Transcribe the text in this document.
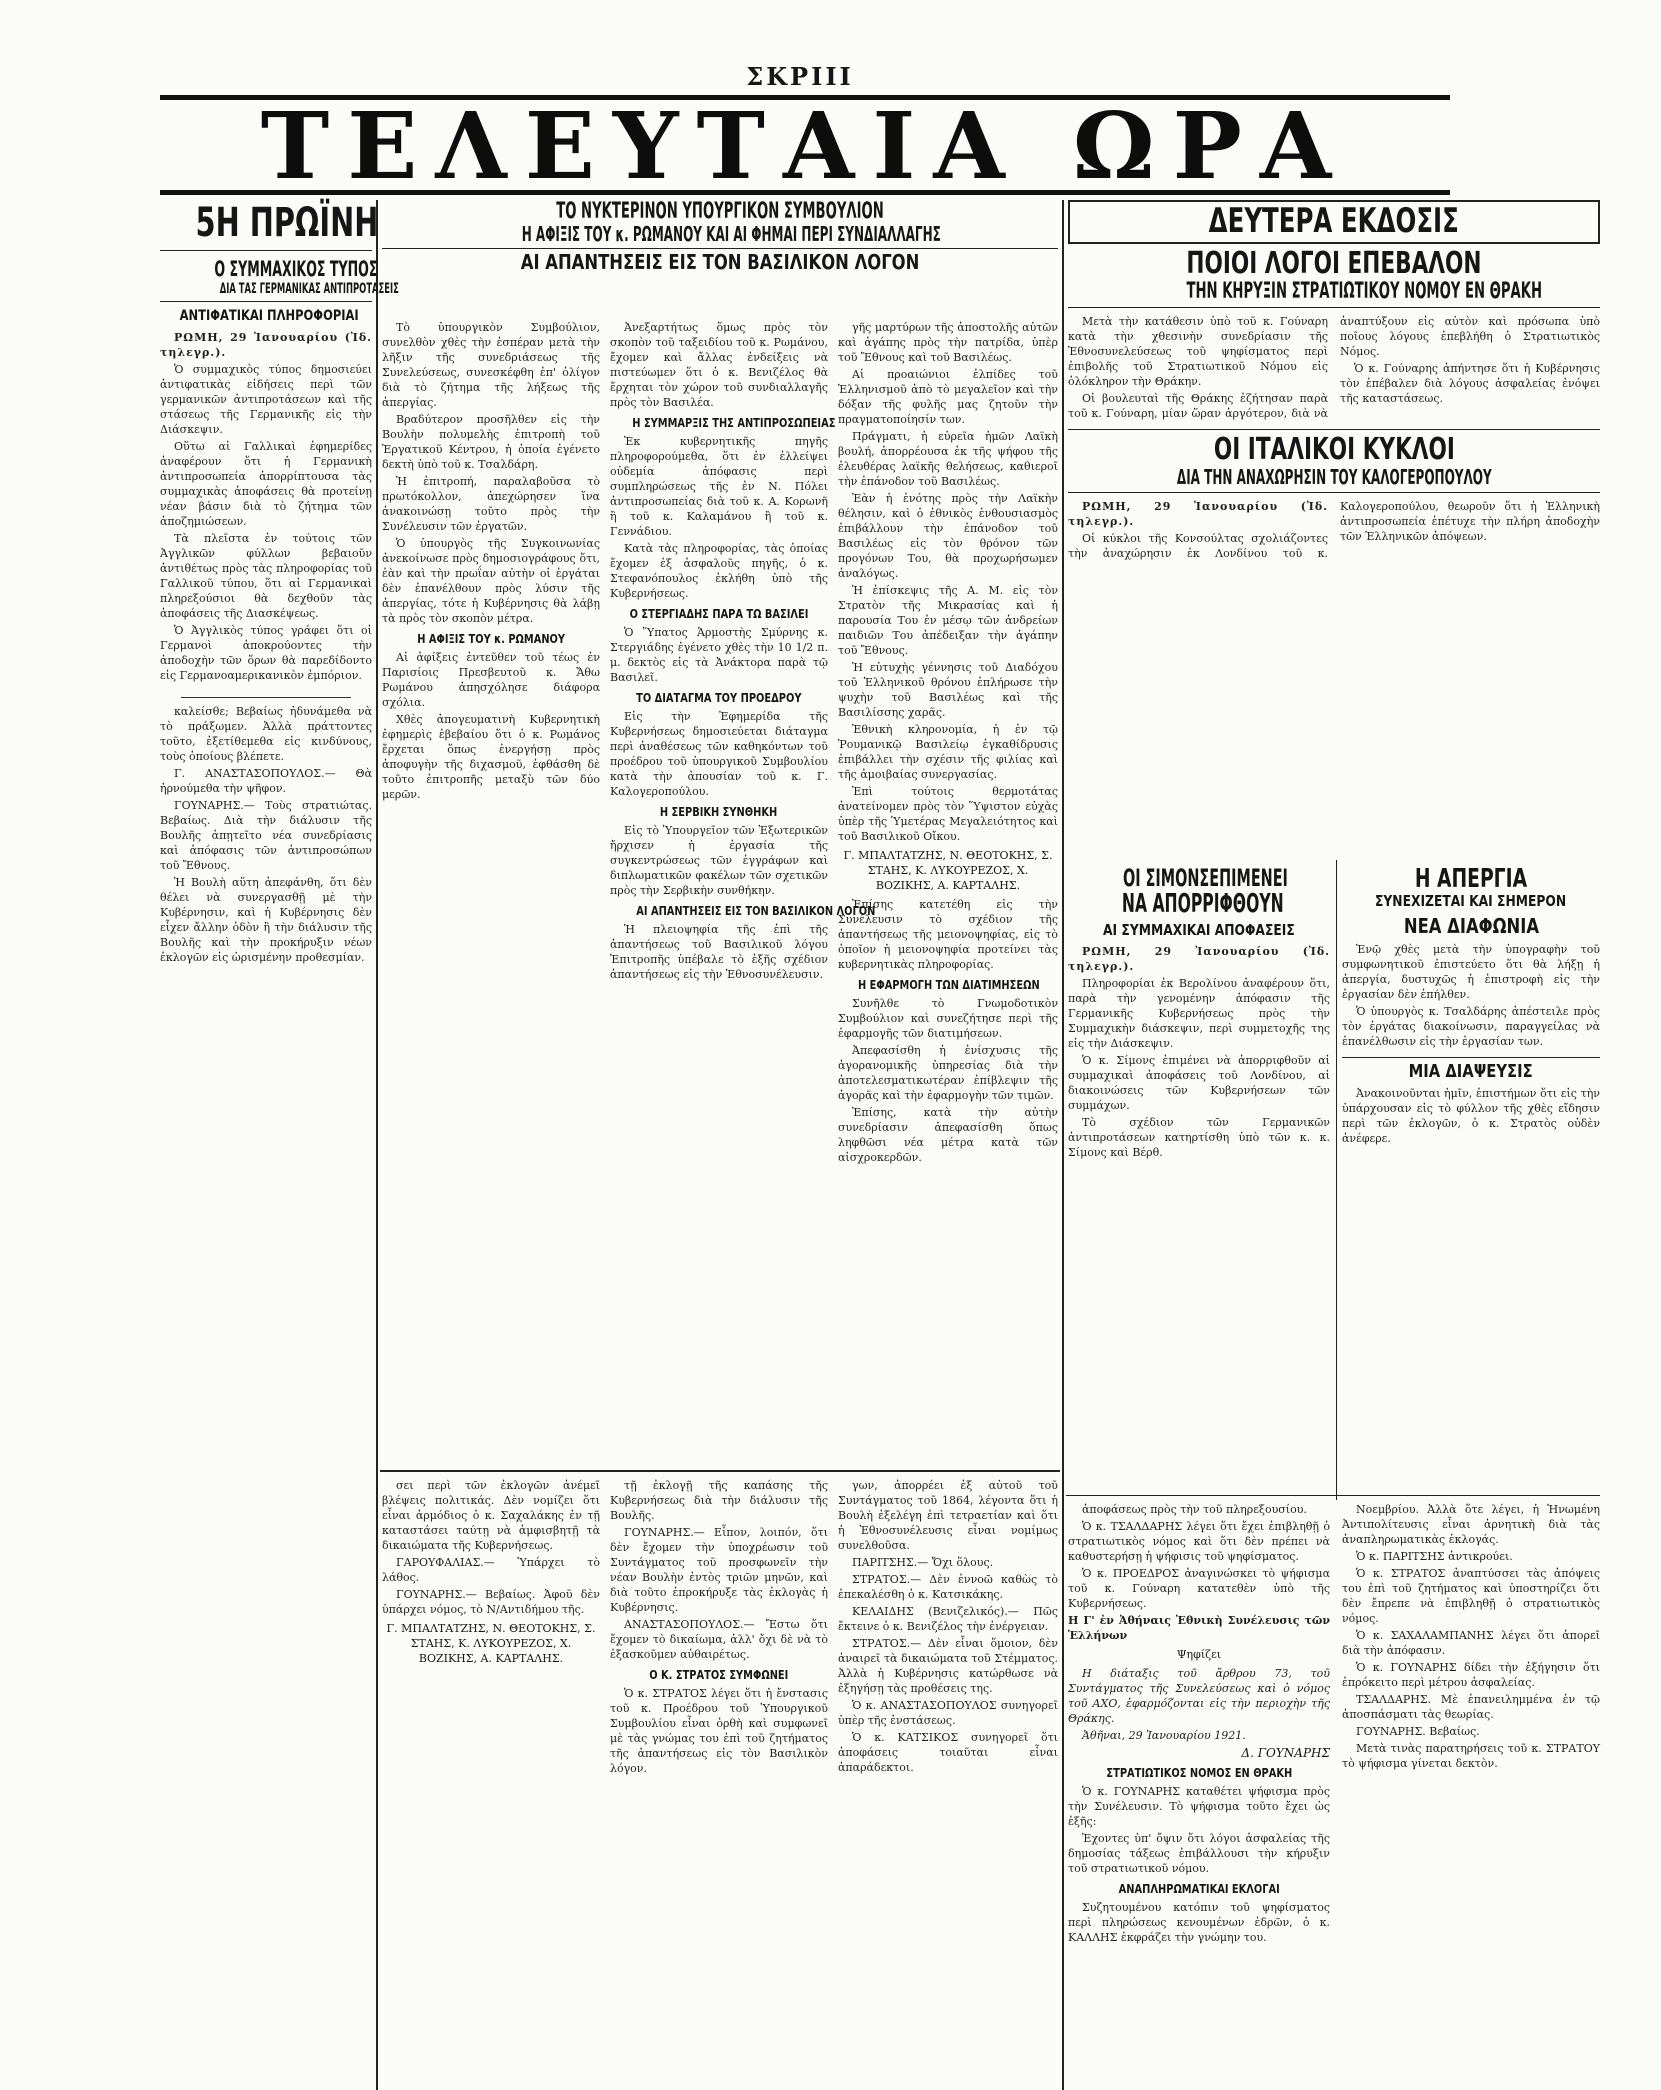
ΣΚΡΙΙΙ
ΤΕΛΕΥΤΑΙΑ ΩΡΑ
5Η ΠΡΩΪΝΗ
Ο ΣΥΜΜΑΧΙΚΟΣ ΤΥΠΟΣ
ΔΙΑ ΤΑΣ ΓΕΡΜΑΝΙΚΑΣ ΑΝΤΙΠΡΟΤΑΣΕΙΣ
ΑΝΤΙΦΑΤΙΚΑΙ ΠΛΗΡΟΦΟΡΙΑΙ
ΡΩΜΗ, 29 Ἰανουαρίου (Ἰδ. τηλεγρ.).
Ὁ συμμαχικὸς τύπος δημοσιεύει ἀντιφατικὰς εἰδήσεις περὶ τῶν γερμανικῶν ἀντιπροτάσεων καὶ τῆς στάσεως τῆς Γερμανικῆς εἰς τὴν Διάσκεψιν.
Οὕτω αἱ Γαλλικαὶ ἐφημερίδες ἀναφέρουν ὅτι ἡ Γερμανικὴ ἀντιπροσωπεία ἀπορρίπτουσα τὰς συμμαχικὰς ἀποφάσεις θὰ προτείνῃ νέαν βάσιν διὰ τὸ ζήτημα τῶν ἀποζημιώσεων.
Τὰ πλεῖστα ἐν τούτοις τῶν Ἀγγλικῶν φύλλων βεβαιοῦν ἀντιθέτως πρὸς τὰς πληροφορίας τοῦ Γαλλικοῦ τύπου, ὅτι αἱ Γερμανικαὶ πληρεξούσιοι θὰ δεχθοῦν τὰς ἀποφάσεις τῆς Διασκέψεως.
Ὁ Ἀγγλικὸς τύπος γράφει ὅτι οἱ Γερμανοὶ ἀποκρούοντες τὴν ἀποδοχὴν τῶν ὅρων θὰ παρεδίδοντο εἰς Γερμανοαμερικανικὸν ἐμπόριον.
καλείσθε; Βεβαίως ἠδυνάμεθα νὰ τὸ πράξωμεν. Ἀλλὰ πράττοντες τοῦτο, ἐξετίθεμεθα εἰς κινδύνους, τοὺς ὁποίους βλέπετε.
Γ. ΑΝΑΣΤΑΣΟΠΟΥΛΟΣ.— Θὰ ἠρνούμεθα τὴν ψῆφον.
ΓΟΥΝΑΡΗΣ.— Τοὺς στρατιώτας. Βεβαίως. Διὰ τὴν διάλυσιν τῆς Βουλῆς ἀπῃτεῖτο νέα συνεδρίασις καὶ ἀπόφασις τῶν ἀντιπροσώπων τοῦ Ἔθνους.
Ἡ Βουλὴ αὕτη ἀπεφάνθη, ὅτι δὲν θέλει νὰ συνεργασθῇ μὲ τὴν Κυβέρνησιν, καὶ ἡ Κυβέρνησις δὲν εἶχεν ἄλλην ὁδὸν ἢ τὴν διάλυσιν τῆς Βουλῆς καὶ τὴν προκήρυξιν νέων ἐκλογῶν εἰς ὡρισμένην προθεσμίαν.
ΤΟ ΝΥΚΤΕΡΙΝΟΝ ΥΠΟΥΡΓΙΚΟΝ ΣΥΜΒΟΥΛΙΟΝ
Η ΑΦΙΞΙΣ ΤΟΥ κ. ΡΩΜΑΝΟΥ ΚΑΙ ΑΙ ΦΗΜΑΙ ΠΕΡΙ ΣΥΝΔΙΑΛΛΑΓΗΣ
ΑΙ ΑΠΑΝΤΗΣΕΙΣ ΕΙΣ ΤΟΝ ΒΑΣΙΛΙΚΟΝ ΛΟΓΟΝ
Τὸ ὑπουργικὸν Συμβούλιον, συνελθὸν χθὲς τὴν ἑσπέραν μετὰ τὴν λῆξιν τῆς συνεδριάσεως τῆς Συνελεύσεως, συνεσκέφθη ἐπ' ὀλίγον διὰ τὸ ζήτημα τῆς λήξεως τῆς ἀπεργίας.
Βραδύτερον προσῆλθεν εἰς τὴν Βουλὴν πολυμελὴς ἐπιτροπὴ τοῦ Ἐργατικοῦ Κέντρου, ἡ ὁποία ἐγένετο δεκτὴ ὑπὸ τοῦ κ. Τσαλδάρη.
Ἡ ἐπιτροπή, παραλαβοῦσα τὸ πρωτόκολλον, ἀπεχώρησεν ἵνα ἀνακοινώσῃ τοῦτο πρὸς τὴν Συνέλευσιν τῶν ἐργατῶν.
Ὁ ὑπουργὸς τῆς Συγκοινωνίας ἀνεκοίνωσε πρὸς δημοσιογράφους ὅτι, ἐὰν καὶ τὴν πρωΐαν αὐτὴν οἱ ἐργάται δὲν ἐπανέλθουν πρὸς λύσιν τῆς ἀπεργίας, τότε ἡ Κυβέρνησις θὰ λάβῃ τὰ πρὸς τὸν σκοπὸν μέτρα.
Η ΑΦΙΞΙΣ ΤΟΥ κ. ΡΩΜΑΝΟΥ
Αἱ ἀφίξεις ἐντεῦθεν τοῦ τέως ἐν Παρισίοις Πρεσβευτοῦ κ. Ἄθω Ρωμάνου ἀπησχόλησε διάφορα σχόλια.
Χθὲς ἀπογευματινὴ Κυβερνητικὴ ἐφημερὶς ἐβεβαίου ὅτι ὁ κ. Ρωμάνος ἔρχεται ὅπως ἐνεργήσῃ πρὸς ἀποφυγὴν τῆς διχασμοῦ, ἐφθάσθη δὲ τοῦτο ἐπιτροπῆς μεταξὺ τῶν δύο μερῶν.
Ἀνεξαρτήτως ὅμως πρὸς τὸν σκοπὸν τοῦ ταξειδίου τοῦ κ. Ρωμάνου, ἔχομεν καὶ ἄλλας ἐνδείξεις νὰ πιστεύωμεν ὅτι ὁ κ. Βενιζέλος θὰ ἔρχηται τὸν χώρον τοῦ συνδιαλλαγῆς πρὸς τὸν Βασιλέα.
Η ΣΥΜΜΑΡΞΙΣ ΤΗΣ ΑΝΤΙΠΡΟΣΩΠΕΙΑΣ
Ἐκ κυβερνητικῆς πηγῆς πληροφορούμεθα, ὅτι ἐν ἐλλείψει οὐδεμία ἀπόφασις περὶ συμπληρώσεως τῆς ἐν Ν. Πόλει ἀντιπροσωπείας διὰ τοῦ κ. Α. Κορωνῆ ἢ τοῦ κ. Καλαμάνου ἢ τοῦ κ. Γεννάδιου.
Κατὰ τὰς πληροφορίας, τὰς ὁποίας ἔχομεν ἐξ ἀσφαλοῦς πηγῆς, ὁ κ. Στεφανόπουλος ἐκλήθη ὑπὸ τῆς Κυβερνήσεως.
Ο ΣΤΕΡΓΙΑΔΗΣ ΠΑΡΑ ΤΩ ΒΑΣΙΛΕΙ
Ὁ Ὕπατος Ἁρμοστὴς Σμύρνης κ. Στεργιάδης ἐγένετο χθὲς τὴν 10 1/2 π. μ. δεκτὸς εἰς τὰ Ἀνάκτορα παρὰ τῷ Βασιλεῖ.
ΤΟ ΔΙΑΤΑΓΜΑ ΤΟΥ ΠΡΟΕΔΡΟΥ
Εἰς τὴν Ἐφημερίδα τῆς Κυβερνήσεως δημοσιεύεται διάταγμα περὶ ἀναθέσεως τῶν καθηκόντων τοῦ προέδρου τοῦ ὑπουργικοῦ Συμβουλίου κατὰ τὴν ἀπουσίαν τοῦ κ. Γ. Καλογεροπούλου.
Η ΣΕΡΒΙΚΗ ΣΥΝΘΗΚΗ
Εἰς τὸ Ὑπουργεῖον τῶν Ἐξωτερικῶν ἤρχισεν ἡ ἐργασία τῆς συγκεντρώσεως τῶν ἐγγράφων καὶ διπλωματικῶν φακέλων τῶν σχετικῶν πρὸς τὴν Σερβικὴν συνθήκην.
ΑΙ ΑΠΑΝΤΗΣΕΙΣ ΕΙΣ ΤΟΝ ΒΑΣΙΛΙΚΟΝ ΛΟΓΟΝ
Ἡ πλειοψηφία τῆς ἐπὶ τῆς ἀπαντήσεως τοῦ Βασιλικοῦ λόγου Ἐπιτροπῆς ὑπέβαλε τὸ ἑξῆς σχέδιον ἀπαντήσεως εἰς τὴν Ἐθνοσυνέλευσιν.
γῆς μαρτύρων τῆς ἀποστολῆς αὐτῶν καὶ ἀγάπης πρὸς τὴν πατρίδα, ὑπὲρ τοῦ Ἔθνους καὶ τοῦ Βασιλέως.
Αἱ προαιώνιοι ἐλπίδες τοῦ Ἑλληνισμοῦ ἀπὸ τὸ μεγαλεῖον καὶ τὴν δόξαν τῆς φυλῆς μας ζητοῦν τὴν πραγματοποίησίν των.
Πράγματι, ἡ εὐρεῖα ἡμῶν Λαϊκὴ βουλή, ἀπορρέουσα ἐκ τῆς ψήφου τῆς ἐλευθέρας λαϊκῆς θελήσεως, καθιεροῖ τὴν ἐπάνοδον τοῦ Βασιλέως.
Ἐὰν ἡ ἐνότης πρὸς τὴν Λαϊκὴν θέλησιν, καὶ ὁ ἐθνικὸς ἐνθουσιασμὸς ἐπιβάλλουν τὴν ἐπάνοδον τοῦ Βασιλέως εἰς τὸν θρόνον τῶν προγόνων Του, θὰ προχωρήσωμεν ἀναλόγως.
Ἡ ἐπίσκεψις τῆς Α. Μ. εἰς τὸν Στρατὸν τῆς Μικρασίας καὶ ἡ παρουσία Του ἐν μέσῳ τῶν ἀνδρείων παιδιῶν Του ἀπέδειξαν τὴν ἀγάπην τοῦ Ἔθνους.
Ἡ εὐτυχὴς γέννησις τοῦ Διαδόχου τοῦ Ἑλληνικοῦ θρόνου ἐπλήρωσε τὴν ψυχὴν τοῦ Βασιλέως καὶ τῆς Βασιλίσσης χαρᾶς.
Ἐθνικὴ κληρονομία, ἡ ἐν τῷ Ῥουμανικῷ Βασιλείῳ ἐγκαθίδρυσις ἐπιβάλλει τὴν σχέσιν τῆς φιλίας καὶ τῆς ἀμοιβαίας συνεργασίας.
Ἐπὶ τούτοις θερμοτάτας ἀνατείνομεν πρὸς τὸν Ὕψιστον εὐχὰς ὑπὲρ τῆς Ὑμετέρας Μεγαλειότητος καὶ τοῦ Βασιλικοῦ Οἴκου.
Γ. ΜΠΑΛΤΑΤΖΗΣ, Ν. ΘΕΟΤΟΚΗΣ, Σ. ΣΤΑΗΣ, Κ. ΛΥΚΟΥΡΕΖΟΣ, Χ. ΒΟΖΙΚΗΣ, Α. ΚΑΡΤΑΛΗΣ.
Ἐπίσης κατετέθη εἰς τὴν Συνέλευσιν τὸ σχέδιον τῆς ἀπαντήσεως τῆς μειονοψηφίας, εἰς τὸ ὁποῖον ἡ μειονοψηφία προτείνει τὰς κυβερνητικὰς πληροφορίας.
Η ΕΦΑΡΜΟΓΗ ΤΩΝ ΔΙΑΤΙΜΗΣΕΩΝ
Συνῆλθε τὸ Γνωμοδοτικὸν Συμβούλιον καὶ συνεζήτησε περὶ τῆς ἐφαρμογῆς τῶν διατιμήσεων.
Ἀπεφασίσθη ἡ ἐνίσχυσις τῆς ἀγορανομικῆς ὑπηρεσίας διὰ τὴν ἀποτελεσματικωτέραν ἐπίβλεψιν τῆς ἀγορᾶς καὶ τὴν ἐφαρμογὴν τῶν τιμῶν.
Ἐπίσης, κατὰ τὴν αὐτὴν συνεδρίασιν ἀπεφασίσθη ὅπως ληφθῶσι νέα μέτρα κατὰ τῶν αἰσχροκερδῶν.
σει περὶ τῶν ἐκλογῶν ἀνέμεῖ βλέψεις πολιτικάς. Δὲν νομίζει ὅτι εἶναι ἀρμόδιος ὁ κ. Σαχαλάκης ἐν τῇ καταστάσει ταύτῃ νὰ ἀμφισβητῇ τὰ δικαιώματα τῆς Κυβερνήσεως.
ΓΑΡΟΥΦΑΛΙΑΣ.— Ὑπάρχει τὸ λάθος.
ΓΟΥΝΑΡΗΣ.— Βεβαίως. Ἀφοῦ δὲν ὑπάρχει νόμος, τὸ Ν/Αντιδήμου τῆς.
Γ. ΜΠΑΛΤΑΤΖΗΣ, Ν. ΘΕΟΤΟΚΗΣ, Σ. ΣΤΑΗΣ, Κ. ΛΥΚΟΥΡΕΖΟΣ, Χ. ΒΟΖΙΚΗΣ, Α. ΚΑΡΤΑΛΗΣ.
τῇ ἐκλογῇ τῆς καπάσης τῆς Κυβερνήσεως διὰ τὴν διάλυσιν τῆς Βουλῆς.
ΓΟΥΝΑΡΗΣ.— Εἶπον, λοιπόν, ὅτι δὲν ἔχομεν τὴν ὑποχρέωσιν τοῦ Συντάγματος τοῦ προσφωνεῖν τὴν νέαν Βουλὴν ἐντὸς τριῶν μηνῶν, καὶ διὰ τοῦτο ἐπροκήρυξε τὰς ἐκλογὰς ἡ Κυβέρνησις.
ΑΝΑΣΤΑΣΟΠΟΥΛΟΣ.— Ἔστω ὅτι ἔχομεν τὸ δικαίωμα, ἀλλ' ὄχι δὲ νὰ τὸ ἐξασκοῦμεν αὐθαιρέτως.
Ο Κ. ΣΤΡΑΤΟΣ ΣΥΜΦΩΝΕΙ
Ὁ κ. ΣΤΡΑΤΟΣ λέγει ὅτι ἡ ἔνστασις τοῦ κ. Προέδρου τοῦ Ὑπουργικοῦ Συμβουλίου εἶναι ὀρθὴ καὶ συμφωνεῖ μὲ τὰς γνώμας του ἐπὶ τοῦ ζητήματος τῆς ἀπαντήσεως εἰς τὸν Βασιλικὸν λόγον.
γων, ἀπορρέει ἐξ αὐτοῦ τοῦ Συντάγματος τοῦ 1864, λέγοντα ὅτι ἡ Βουλὴ ἐξελέγη ἐπὶ τετραετίαν καὶ ὅτι ἡ Ἐθνοσυνέλευσις εἶναι νομίμως συνελθοῦσα.
ΠΑΡΙΤΣΗΣ.— Ὄχι ὅλους.
ΣΤΡΑΤΟΣ.— Δὲν ἐννοῶ καθὼς τὸ ἐπεκαλέσθη ὁ κ. Κατσικάκης.
ΚΕΛΑΙΔΗΣ (Βενιζελικός).— Πῶς ἔκτεινε ὁ κ. Βενιζέλος τὴν ἐνέργειαν.
ΣΤΡΑΤΟΣ.— Δὲν εἶναι ὅμοιον, δὲν ἀναιρεῖ τὰ δικαιώματα τοῦ Στέμματος. Ἀλλὰ ἡ Κυβέρνησις κατώρθωσε νὰ ἐξηγήσῃ τὰς προθέσεις της.
Ὁ κ. ΑΝΑΣΤΑΣΟΠΟΥΛΟΣ συνηγορεῖ ὑπὲρ τῆς ἐνστάσεως.
Ὁ κ. ΚΑΤΣΙΚΟΣ συνηγορεῖ ὅτι ἀποφάσεις τοιαῦται εἶναι ἀπαράδεκτοι.
ΔΕΥΤΕΡΑ ΕΚΔΟΣΙΣ
ΠΟΙΟΙ ΛΟΓΟΙ ΕΠΕΒΑΛΟΝ
ΤΗΝ ΚΗΡΥΞΙΝ ΣΤΡΑΤΙΩΤΙΚΟΥ ΝΟΜΟΥ ΕΝ ΘΡΑΚΗ
Μετὰ τὴν κατάθεσιν ὑπὸ τοῦ κ. Γούναρη κατὰ τὴν χθεσινὴν συνεδρίασιν τῆς Ἐθνοσυνελεύσεως τοῦ ψηφίσματος περὶ ἐπιβολῆς τοῦ Στρατιωτικοῦ Νόμου εἰς ὁλόκληρον τὴν Θράκην.
Οἱ βουλευταὶ τῆς Θράκης ἐζήτησαν παρὰ τοῦ κ. Γούναρη, μίαν ὥραν ἀργότερον, διὰ νὰ ἀναπτύξουν εἰς αὐτὸν καὶ πρόσωπα ὑπὸ ποῖους λόγους ἐπεβλήθη ὁ Στρατιωτικὸς Νόμος.
Ὁ κ. Γούναρης ἀπήντησε ὅτι ἡ Κυβέρνησις τὸν ἐπέβαλεν διὰ λόγους ἀσφαλείας ἐνόψει τῆς καταστάσεως.
ΟΙ ΙΤΑΛΙΚΟΙ ΚΥΚΛΟΙ
ΔΙΑ ΤΗΝ ΑΝΑΧΩΡΗΣΙΝ ΤΟΥ ΚΑΛΟΓΕΡΟΠΟΥΛΟΥ
ΡΩΜΗ, 29 Ἰανουαρίου (Ἰδ. τηλεγρ.).
Οἱ κύκλοι τῆς Κονσούλτας σχολιάζοντες τὴν ἀναχώρησιν ἐκ Λονδίνου τοῦ κ. Καλογεροπούλου, θεωροῦν ὅτι ἡ Ἑλληνικὴ ἀντιπροσωπεία ἐπέτυχε τὴν πλήρη ἀποδοχὴν τῶν Ἑλληνικῶν ἀπόψεων.
ΟΙ ΣΙΜΟΝΣΕΠΙΜΕΝΕΙ
ΝΑ ΑΠΟΡΡΙΦΘΟΥΝ
ΑΙ ΣΥΜΜΑΧΙΚΑΙ ΑΠΟΦΑΣΕΙΣ
ΡΩΜΗ, 29 Ἰανουαρίου (Ἰδ. τηλεγρ.).
Πληροφορίαι ἐκ Βερολίνου ἀναφέρουν ὅτι, παρὰ τὴν γενομένην ἀπόφασιν τῆς Γερμανικῆς Κυβερνήσεως πρὸς τὴν Συμμαχικὴν διάσκεψιν, περὶ συμμετοχῆς της εἰς τὴν Διάσκεψιν.
Ὁ κ. Σίμονς ἐπιμένει νὰ ἀπορριφθοῦν αἱ συμμαχικαὶ ἀποφάσεις τοῦ Λονδίνου, αἱ διακοινώσεις τῶν Κυβερνήσεων τῶν συμμάχων.
Τὸ σχέδιον τῶν Γερμανικῶν ἀντιπροτάσεων κατηρτίσθη ὑπὸ τῶν κ. κ. Σίμονς καὶ Βέρθ.
Η ΑΠΕΡΓΙΑ
ΣΥΝΕΧΙΖΕΤΑΙ ΚΑΙ ΣΗΜΕΡΟΝ
ΝΕΑ ΔΙΑΦΩΝΙΑ
Ἐνῷ χθὲς μετὰ τὴν ὑπογραφὴν τοῦ συμφωνητικοῦ ἐπιστεύετο ὅτι θὰ λήξῃ ἡ ἀπεργία, δυστυχῶς ἡ ἐπιστροφὴ εἰς τὴν ἐργασίαν δὲν ἐπήλθεν.
Ὁ ὑπουργὸς κ. Τσαλδάρης ἀπέστειλε πρὸς τὸν ἐργάτας διακοίνωσιν, παραγγείλας νὰ ἐπανέλθωσιν εἰς τὴν ἐργασίαν των.
ΜΙΑ ΔΙΑΨΕΥΣΙΣ
Ἀνακοινοῦνται ἡμῖν, ἐπιστήμων ὅτι εἰς τὴν ὑπάρχουσαν εἰς τὸ φύλλον τῆς χθὲς εἴδησιν περὶ τῶν ἐκλογῶν, ὁ κ. Στρατὸς οὐδὲν ἀνέφερε.
ἀποφάσεως πρὸς τὴν τοῦ πληρεξουσίου.
Ὁ κ. ΤΣΑΛΔΑΡΗΣ λέγει ὅτι ἔχει ἐπιβληθῇ ὁ στρατιωτικὸς νόμος καὶ ὅτι δὲν πρέπει νὰ καθυστερήσῃ ἡ ψήφισις τοῦ ψηφίσματος.
Ὁ κ. ΠΡΟΕΔΡΟΣ ἀναγινώσκει τὸ ψήφισμα τοῦ κ. Γούναρη κατατεθὲν ὑπὸ τῆς Κυβερνήσεως.
Η Γ' ἐν Ἀθήναις Ἐθνικὴ Συνέλευσις τῶν Ἑλλήνων
Ψηφίζει
Η διάταξις τοῦ ἄρθρου 73, τοῦ Συντάγματος τῆς Συνελεύσεως καὶ ὁ νόμος τοῦ ΑΧΟ, ἐφαρμόζονται εἰς τὴν περιοχὴν τῆς Θράκης.
Ἀθῆναι, 29 Ἰανουαρίου 1921.
Δ. ΓΟΥΝΑΡΗΣ
ΣΤΡΑΤΙΩΤΙΚΟΣ ΝΟΜΟΣ ΕΝ ΘΡΑΚΗ
Ὁ κ. ΓΟΥΝΑΡΗΣ καταθέτει ψήφισμα πρὸς τὴν Συνέλευσιν. Τὸ ψήφισμα τοῦτο ἔχει ὡς ἑξῆς:
Ἐχοντες ὑπ' ὄψιν ὅτι λόγοι ἀσφαλείας τῆς δημοσίας τάξεως ἐπιβάλλουσι τὴν κήρυξιν τοῦ στρατιωτικοῦ νόμου.
ΑΝΑΠΛΗΡΩΜΑΤΙΚΑΙ ΕΚΛΟΓΑΙ
Συζητουμένου κατόπιν τοῦ ψηφίσματος περὶ πληρώσεως κενουμένων ἐδρῶν, ὁ κ. ΚΑΛΛΗΣ ἐκφράζει τὴν γνώμην του.
Νοεμβρίου. Ἀλλὰ ὅτε λέγει, ἡ Ἡνωμένη Ἀντιπολίτευσις εἶναι ἀρνητικὴ διὰ τὰς ἀναπληρωματικὰς ἐκλογάς.
Ὁ κ. ΠΑΡΙΤΣΗΣ ἀντικρούει.
Ὁ κ. ΣΤΡΑΤΟΣ ἀναπτύσσει τὰς ἀπόψεις του ἐπὶ τοῦ ζητήματος καὶ ὑποστηρίζει ὅτι δὲν ἔπρεπε νὰ ἐπιβληθῇ ὁ στρατιωτικὸς νόμος.
Ὁ κ. ΣΑΧΑΛΑΜΠΑΝΗΣ λέγει ὅτι ἀπορεῖ διὰ τὴν ἀπόφασιν.
Ὁ κ. ΓΟΥΝΑΡΗΣ δίδει τὴν ἐξήγησιν ὅτι ἐπρόκειτο περὶ μέτρου ἀσφαλείας.
ΤΣΑΛΔΑΡΗΣ. Μὲ ἐπανειλημμένα ἐν τῷ ἀποσπάσματι τὰς θεωρίας.
ΓΟΥΝΑΡΗΣ. Βεβαίως.
Μετὰ τινὰς παρατηρήσεις τοῦ κ. ΣΤΡΑΤΟΥ τὸ ψήφισμα γίνεται δεκτὸν.
